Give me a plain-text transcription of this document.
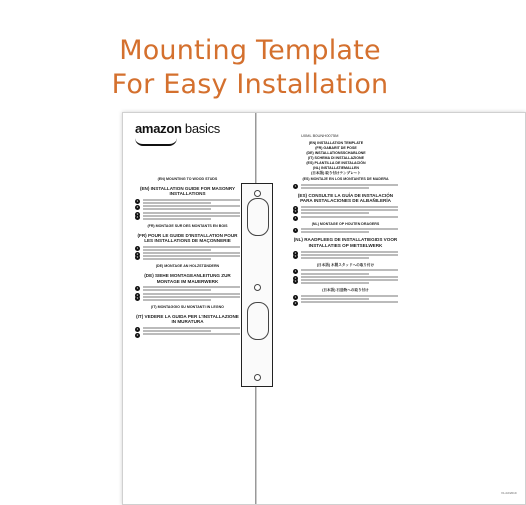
Mounting Template
For Easy Installation
amazon basics	U0ML B0UNH0075M
(EN) INSTALLATION TEMPLATE
(FR) GABARIT DE POSE
(DE) INSTALLATIONSSCHABLONE
(IT) SCHEMA DI INSTALLAZIONE
(ES) PLANTILLA DE INSTALACIÓN
(NL) INSTALLATIEMALLEN
(日本語) 取り付けテンプレート
(EN) MOUNTING TO WOOD STUDS
(EN) INSTALLATION GUIDE FOR MASONRY INSTALLATIONS
1
2
3
4
(FR) MONTAGE SUR DES MONTANTS EN BOIS
(FR) POUR LE GUIDE D'INSTALLATION POUR LES INSTALLATIONS DE MAÇONNERIE
1
2
3
(DE) MONTAGE AN HOLZSTÄNDERN
(DE) SIEHE MONTAGEANLEITUNG ZUR MONTAGE IM MAUERWERK
1
2
3
(IT) MONTAGGIO SU MONTANTI IN LEGNO
(IT) VEDERE LA GUIDA PER L'INSTALLAZIONE IN MURATURA
1
2
(ES) MONTAJE EN LOS MONTANTES DE MADERA
1
(ES) CONSULTE LA GUÍA DE INSTALACIÓN PARA INSTALACIONES DE ALBAÑILERÍA
2
3
4
(NL) MONTAGE OP HOUTEN DRAGERS
1
(NL) RAADPLEEG DE INSTALLATIEGIDS VOOR INSTALLATIES OP METSELWERK
2
3
(日本語) 木製スタッドへの取り付け
1
2
3
(日本語) 石造物への取り付け
1
2
V1-02/2019
